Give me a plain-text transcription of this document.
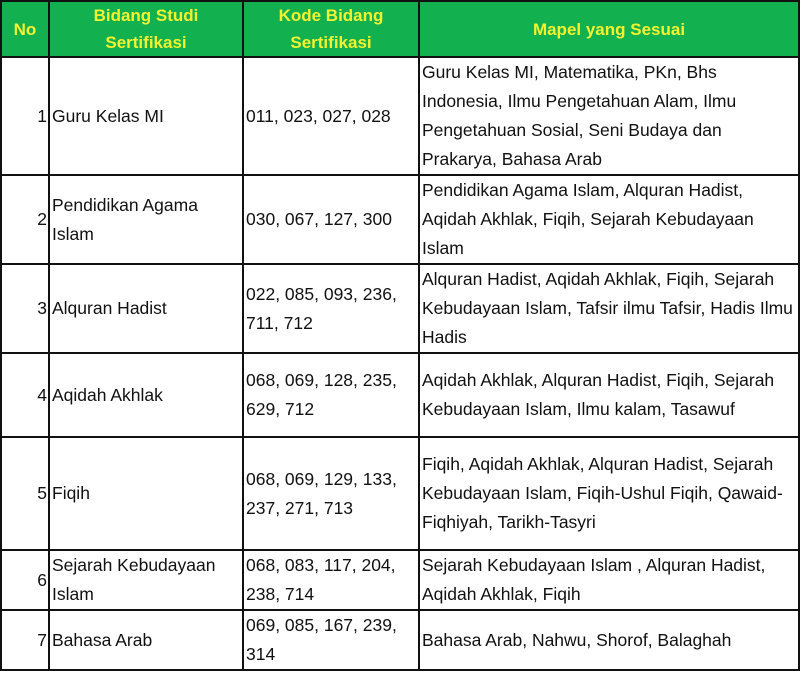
No	Bidang Studi Sertifikasi	Kode Bidang Sertifikasi	Mapel yang Sesuai
1	Guru Kelas MI	011, 023, 027, 028	Guru Kelas MI, Matematika, PKn, Bhs Indonesia, Ilmu Pengetahuan Alam, Ilmu Pengetahuan Sosial, Seni Budaya dan Prakarya, Bahasa Arab
2	Pendidikan Agama Islam	030, 067, 127, 300	Pendidikan Agama Islam, Alquran Hadist, Aqidah Akhlak, Fiqih, Sejarah Kebudayaan Islam
3	Alquran Hadist	022, 085, 093, 236, 711, 712	Alquran Hadist, Aqidah Akhlak, Fiqih, Sejarah Kebudayaan Islam, Tafsir ilmu Tafsir, Hadis Ilmu Hadis
4	Aqidah Akhlak	068, 069, 128, 235, 629, 712	Aqidah Akhlak, Alquran Hadist, Fiqih, Sejarah Kebudayaan Islam, Ilmu kalam, Tasawuf
5	Fiqih	068, 069, 129, 133, 237, 271, 713	Fiqih, Aqidah Akhlak, Alquran Hadist, Sejarah Kebudayaan Islam, Fiqih-Ushul Fiqih, Qawaid-Fiqhiyah, Tarikh-Tasyri
6	Sejarah Kebudayaan Islam	068, 083, 117, 204, 238, 714	Sejarah Kebudayaan Islam , Alquran Hadist, Aqidah Akhlak, Fiqih
7	Bahasa Arab	069, 085, 167, 239, 314	Bahasa Arab, Nahwu, Shorof, Balaghah
